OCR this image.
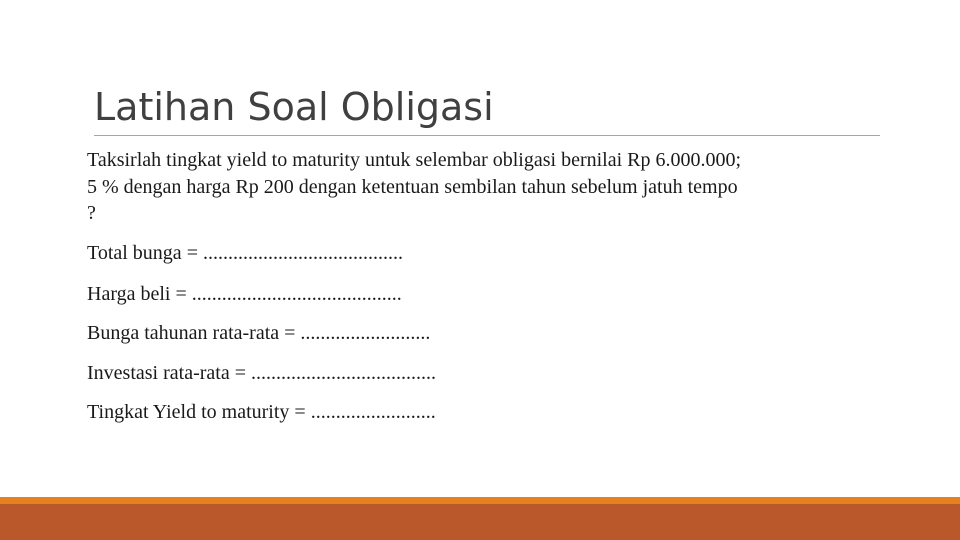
Latihan Soal Obligasi

Taksirlah tingkat yield to maturity untuk selembar obligasi bernilai Rp 6.000.000;
5 % dengan harga Rp 200 dengan ketentuan sembilan tahun sebelum jatuh tempo
?

Total bunga = ........................................
Harga beli = ..........................................
Bunga tahunan rata-rata = ..........................
Investasi rata-rata = .....................................
Tingkat Yield to maturity = .........................
